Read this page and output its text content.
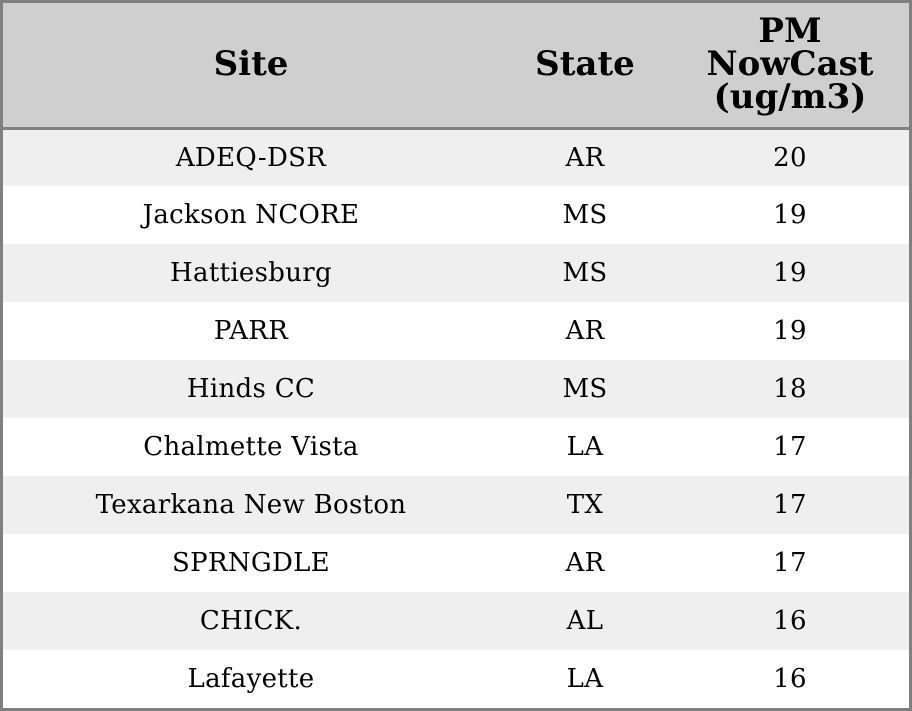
Site	State	PM
NowCast
(ug/m3)

ADEQ-DSR	AR	20
Jackson NCORE	MS	19
Hattiesburg	MS	19
PARR	AR	19
Hinds CC	MS	18
Chalmette Vista	LA	17
Texarkana New Boston	TX	17
SPRNGDLE	AR	17
CHICK.	AL	16
Lafayette	LA	16
